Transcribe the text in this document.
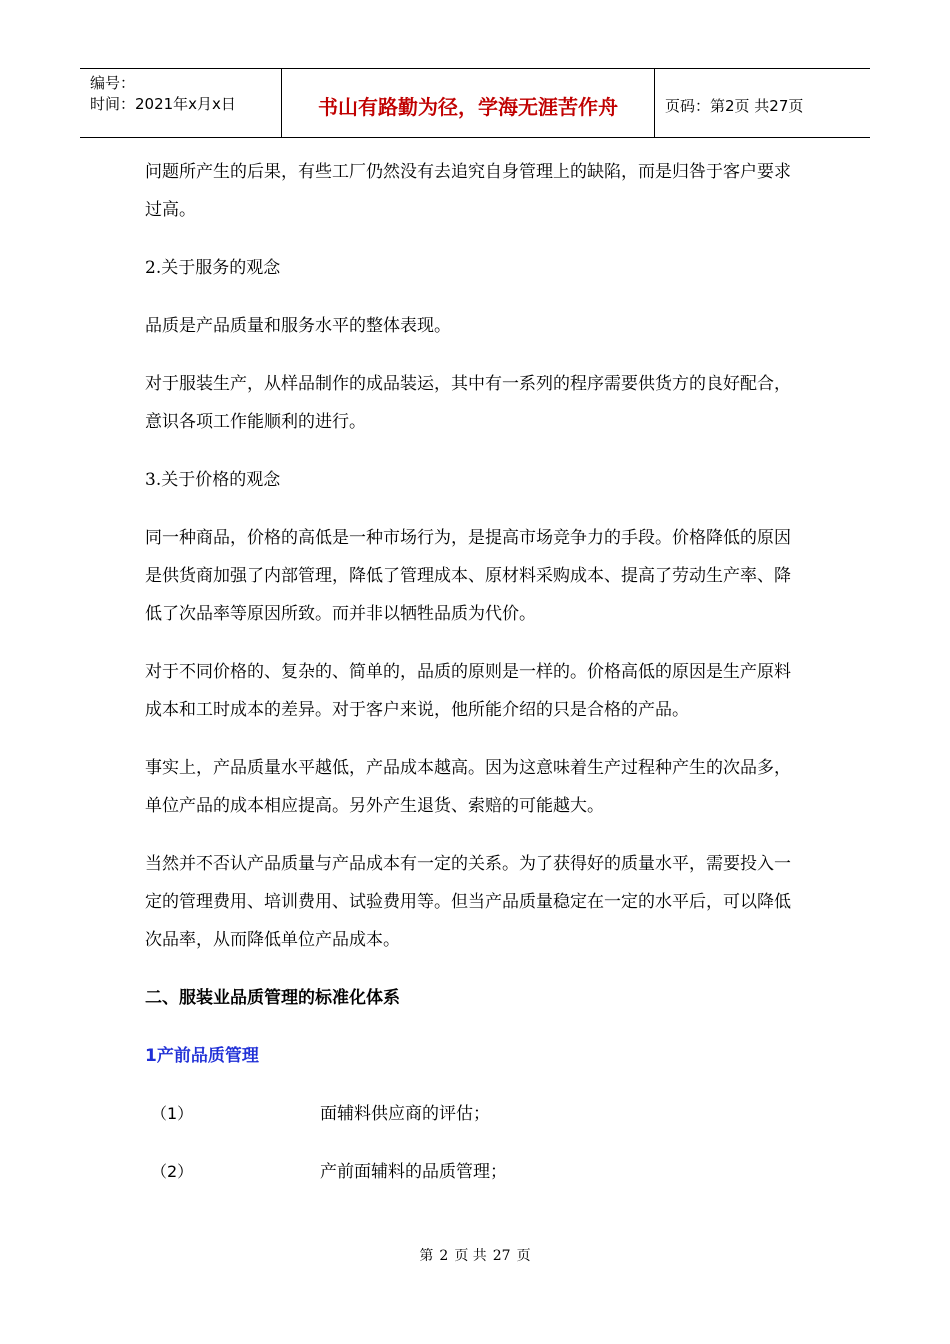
编号：
时间：2021年x月x日	书山有路勤为径，学海无涯苦作舟	页码：第2页 共27页

问题所产生的后果，有些工厂仍然没有去追究自身管理上的缺陷，而是归咎于客户要求过高。

2.关于服务的观念

品质是产品质量和服务水平的整体表现。

对于服装生产，从样品制作的成品装运，其中有一系列的程序需要供货方的良好配合，意识各项工作能顺利的进行。

3.关于价格的观念

同一种商品，价格的高低是一种市场行为，是提高市场竞争力的手段。价格降低的原因是供货商加强了内部管理，降低了管理成本、原材料采购成本、提高了劳动生产率、降低了次品率等原因所致。而并非以牺牲品质为代价。

对于不同价格的、复杂的、简单的，品质的原则是一样的。价格高低的原因是生产原料成本和工时成本的差异。对于客户来说，他所能介绍的只是合格的产品。

事实上，产品质量水平越低，产品成本越高。因为这意味着生产过程种产生的次品多，单位产品的成本相应提高。另外产生退货、索赔的可能越大。

当然并不否认产品质量与产品成本有一定的关系。为了获得好的质量水平，需要投入一定的管理费用、培训费用、试验费用等。但当产品质量稳定在一定的水平后，可以降低次品率，从而降低单位产品成本。

二、服装业品质管理的标准化体系

1产前品质管理

（1）	面辅料供应商的评估；
（2）	产前面辅料的品质管理；
第 2 页 共 27 页
